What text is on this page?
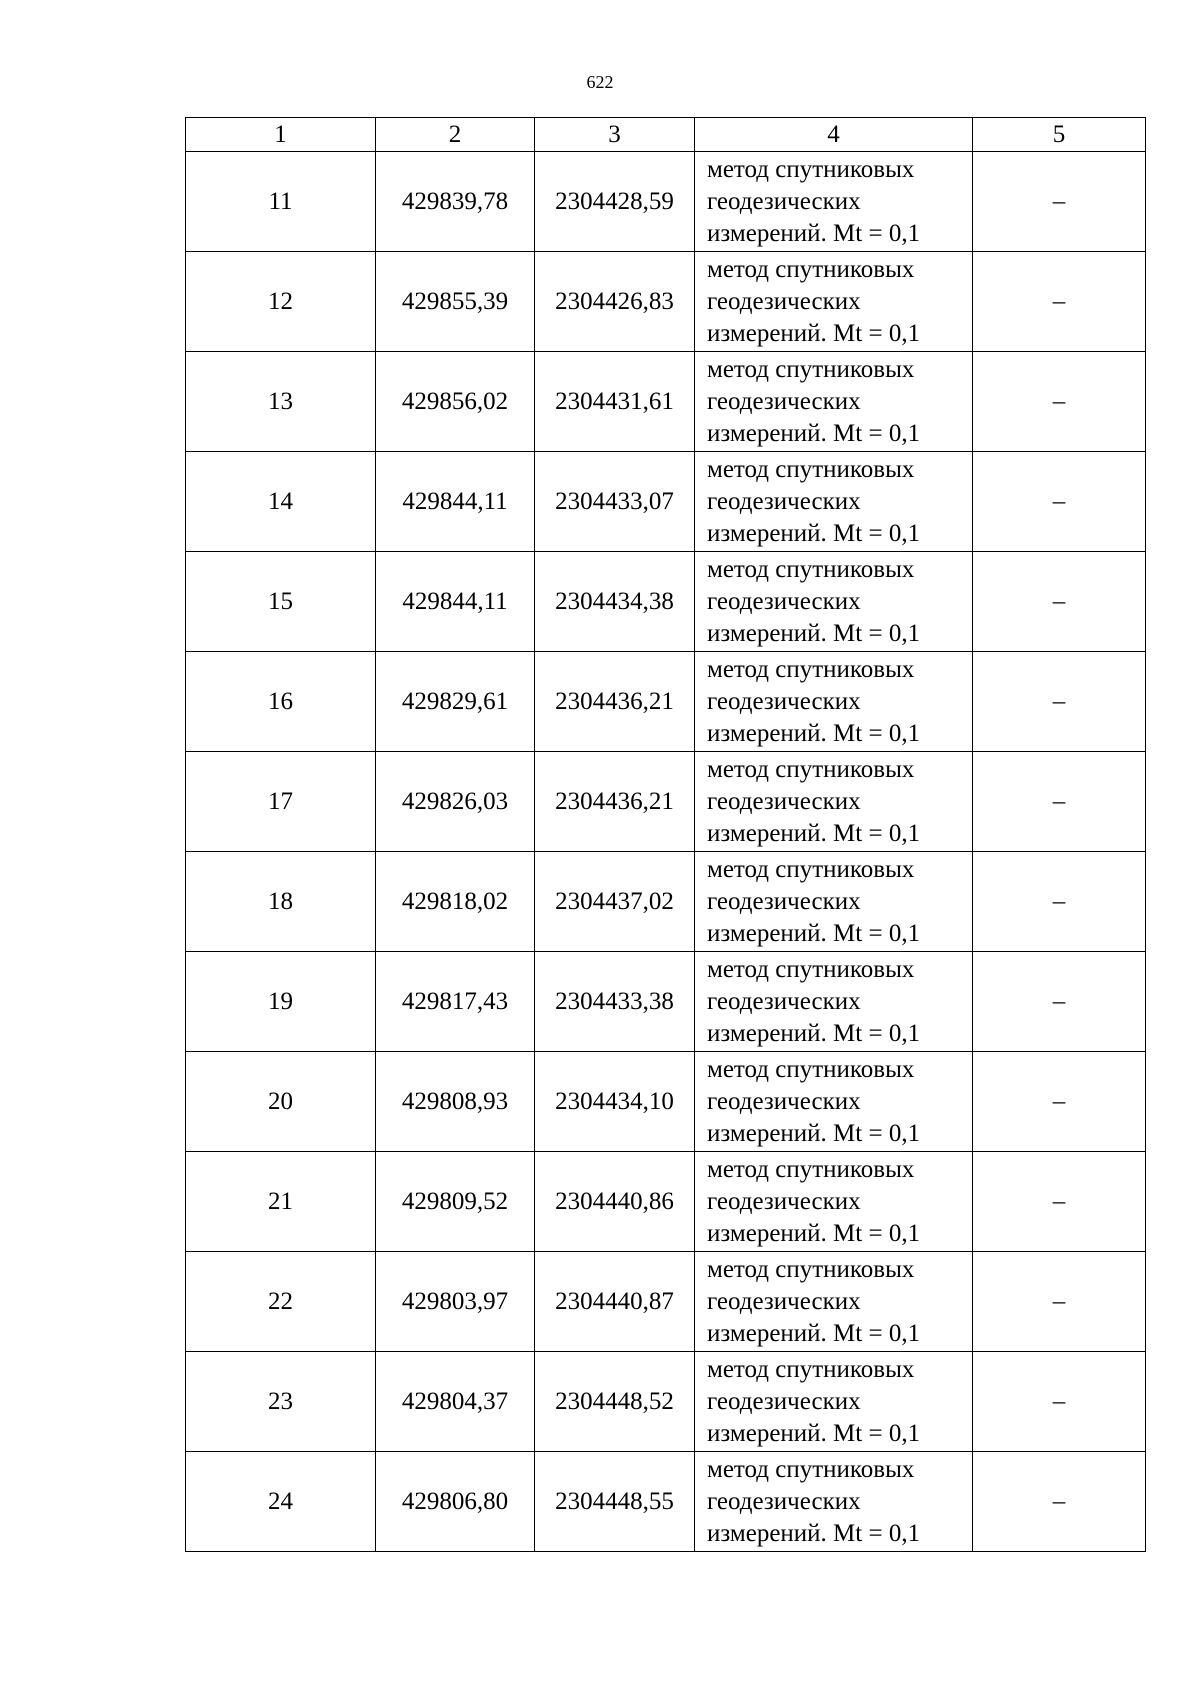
622
1	2	3	4	5
11	429839,78	2304428,59	метод спутниковых
геодезических
измерений. Mt = 0,1	–
12	429855,39	2304426,83	метод спутниковых
геодезических
измерений. Mt = 0,1	–
13	429856,02	2304431,61	метод спутниковых
геодезических
измерений. Mt = 0,1	–
14	429844,11	2304433,07	метод спутниковых
геодезических
измерений. Mt = 0,1	–
15	429844,11	2304434,38	метод спутниковых
геодезических
измерений. Mt = 0,1	–
16	429829,61	2304436,21	метод спутниковых
геодезических
измерений. Mt = 0,1	–
17	429826,03	2304436,21	метод спутниковых
геодезических
измерений. Mt = 0,1	–
18	429818,02	2304437,02	метод спутниковых
геодезических
измерений. Mt = 0,1	–
19	429817,43	2304433,38	метод спутниковых
геодезических
измерений. Mt = 0,1	–
20	429808,93	2304434,10	метод спутниковых
геодезических
измерений. Mt = 0,1	–
21	429809,52	2304440,86	метод спутниковых
геодезических
измерений. Mt = 0,1	–
22	429803,97	2304440,87	метод спутниковых
геодезических
измерений. Mt = 0,1	–
23	429804,37	2304448,52	метод спутниковых
геодезических
измерений. Mt = 0,1	–
24	429806,80	2304448,55	метод спутниковых
геодезических
измерений. Mt = 0,1	–
